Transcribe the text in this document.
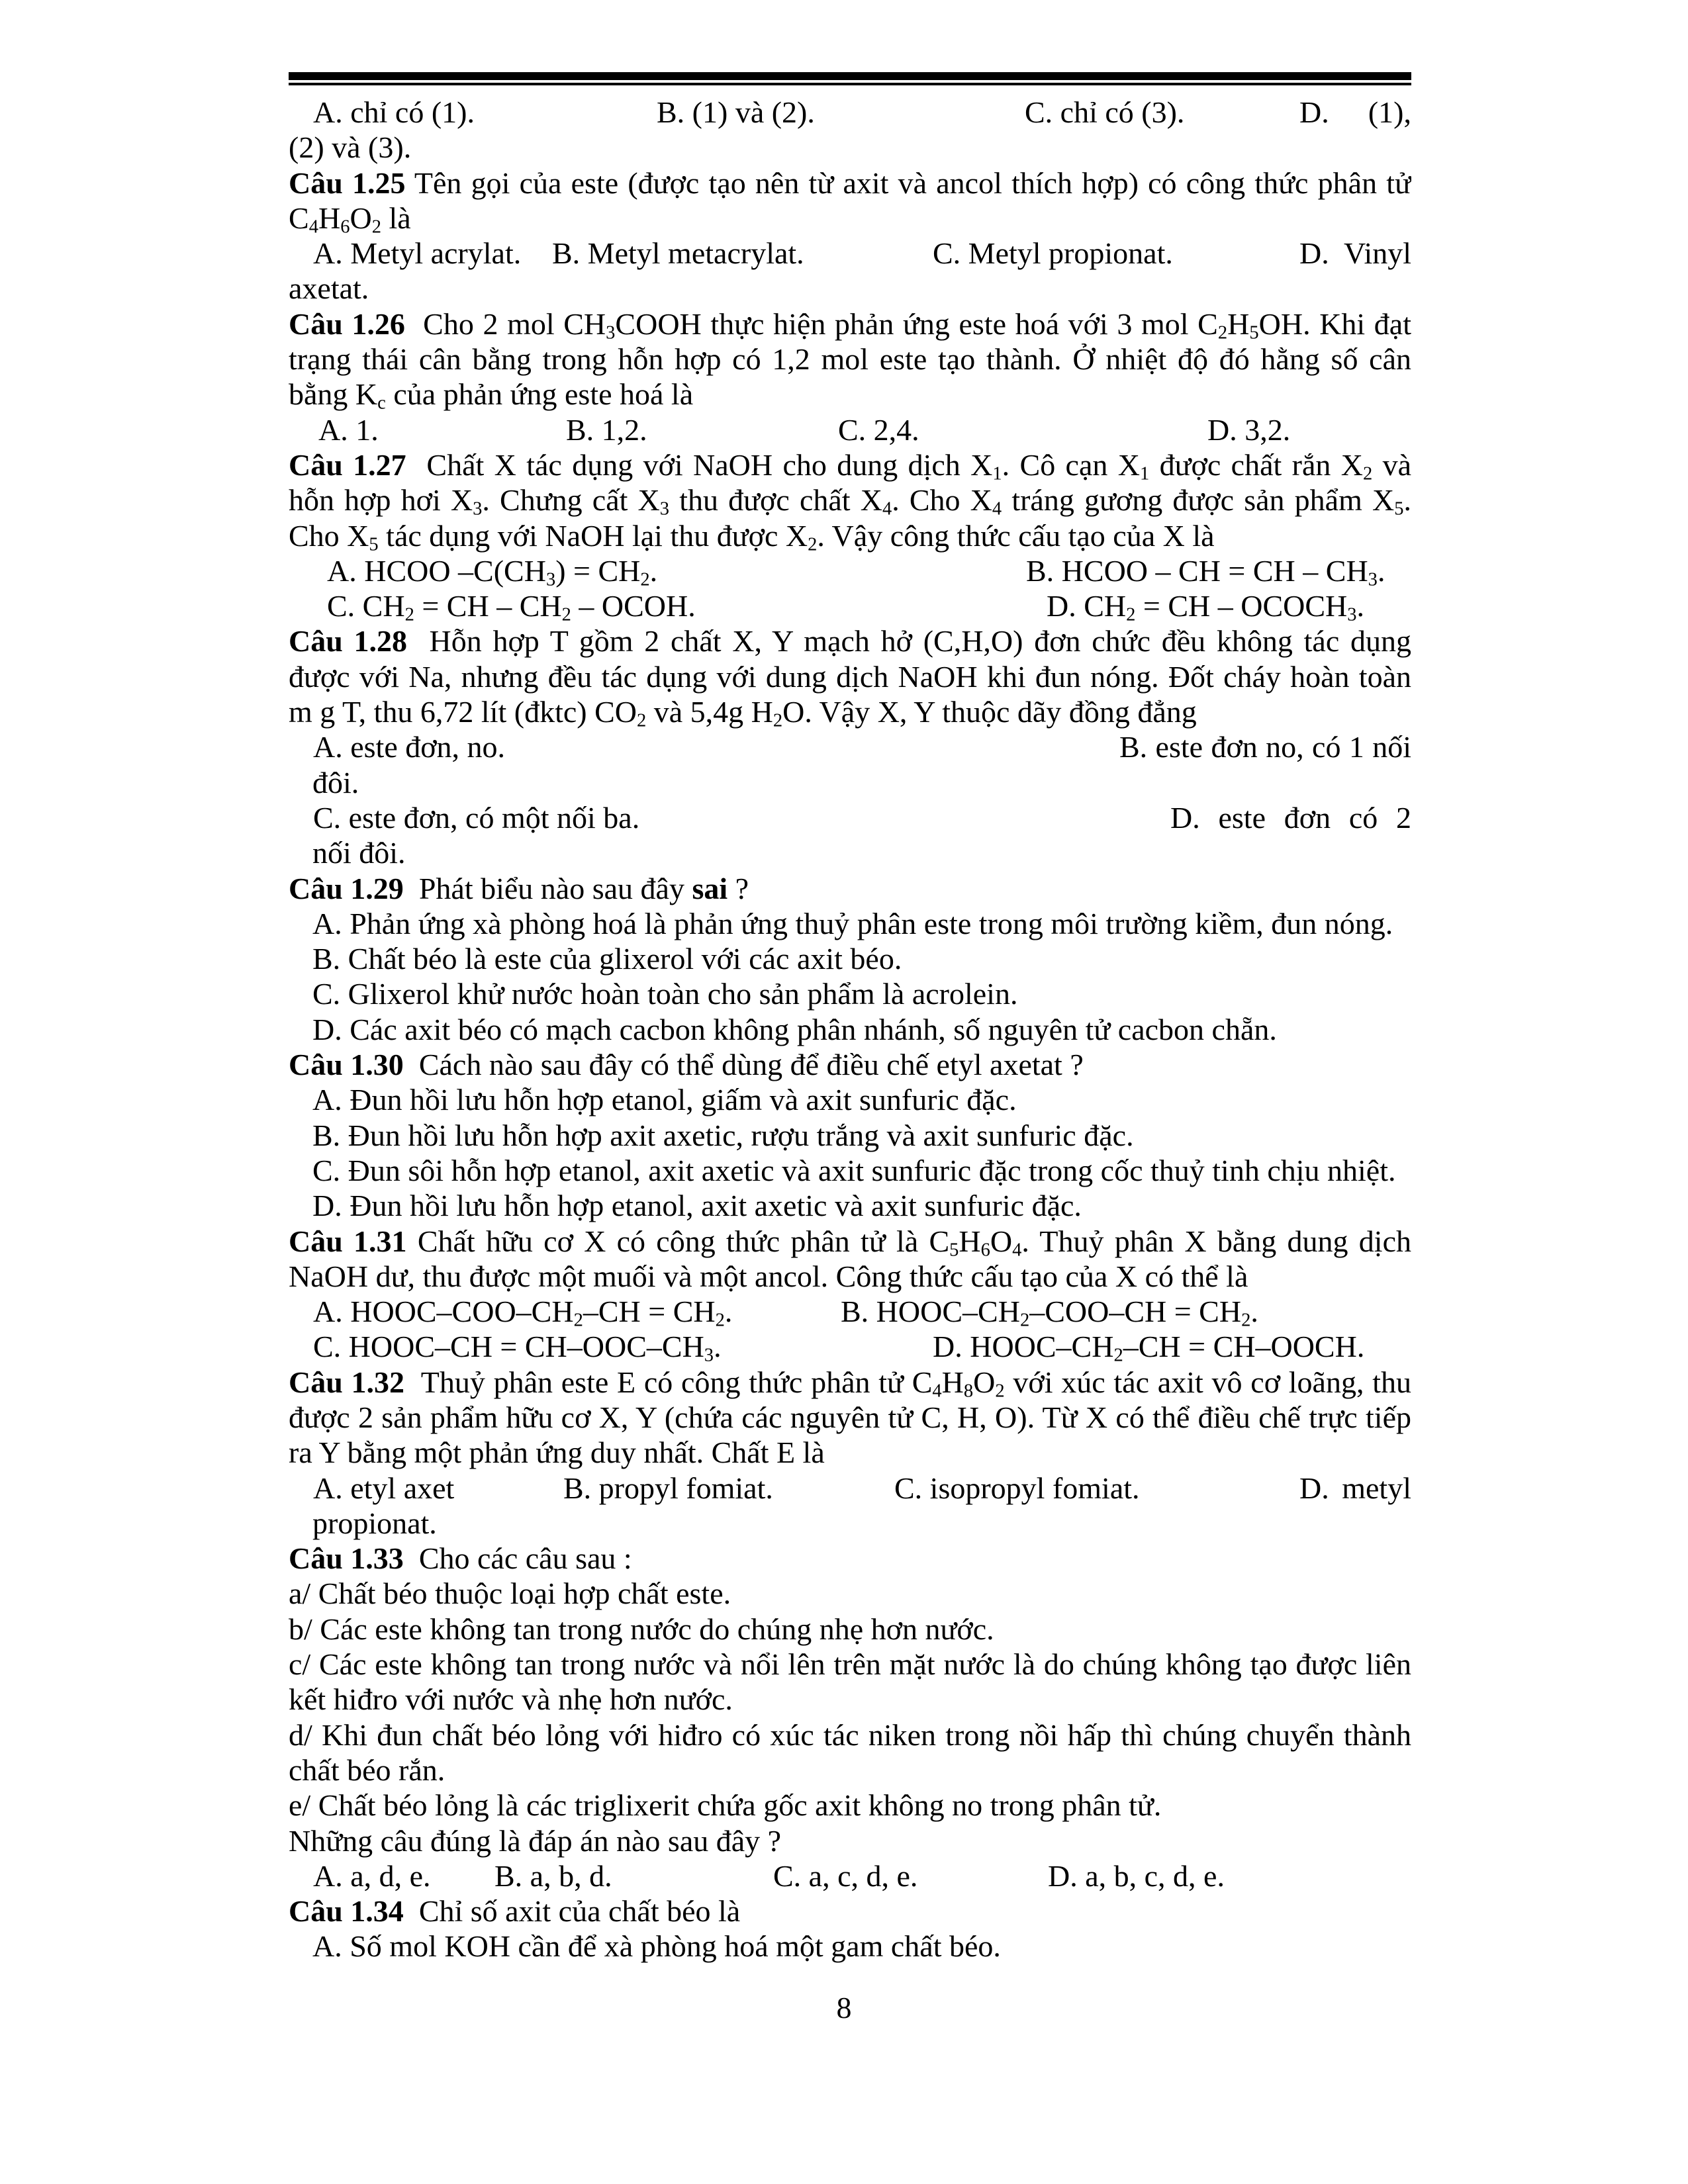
A. chỉ có (1).	B. (1) và (2).	C. chỉ có (3).	D. (1),
(2) và (3).
Câu 1.25 Tên gọi của este (được tạo nên từ axit và ancol thích hợp) có công thức phân tử
$C_4H_6O_2$ là
A. Metyl acrylat. B. Metyl metacrylat.	C. Metyl propionat.	D. Vinyl
axetat.
Câu 1.26 Cho 2 mol $CH_3COOH$ thực hiện phản ứng este hoá với 3 mol $C_2H_5OH$. Khi đạt
trạng thái cân bằng trong hỗn hợp có 1,2 mol este tạo thành. Ở nhiệt độ đó hằng số cân
bằng $K_c$ của phản ứng este hoá là
A. 1.	B. 1,2.	C. 2,4.	D. 3,2.
Câu 1.27 Chất X tác dụng với NaOH cho dung dịch $X_1$. Cô cạn $X_1$ được chất rắn $X_2$ và
hỗn hợp hơi $X_3$. Chưng cất $X_3$ thu được chất $X_4$. Cho $X_4$ tráng gương được sản phẩm $X_5$.
Cho $X_5$ tác dụng với NaOH lại thu được $X_2$. Vậy công thức cấu tạo của X là
A. HCOO $-C(CH_3) = CH_2$.	B. HCOO – CH = CH – $CH_3$.
C. $CH_2$ = CH – $CH_2$ – OCOH.	D. $CH_2$ = CH – $OCOCH_3$.
Câu 1.28 Hỗn hợp T gồm 2 chất X, Y mạch hở (C,H,O) đơn chức đều không tác dụng
được với Na, nhưng đều tác dụng với dung dịch NaOH khi đun nóng. Đốt cháy hoàn toàn
m g T, thu 6,72 lít (đktc) $CO_2$ và 5,4g $H_2O$. Vậy X, Y thuộc dãy đồng đẳng
A. este đơn, no.	B. este đơn no, có 1 nối
đôi.
C. este đơn, có một nối ba.	D. este đơn có 2
nối đôi.
Câu 1.29 Phát biểu nào sau đây sai ?
A. Phản ứng xà phòng hoá là phản ứng thuỷ phân este trong môi trường kiềm, đun nóng.
B. Chất béo là este của glixerol với các axit béo.
C. Glixerol khử nước hoàn toàn cho sản phẩm là acrolein.
D. Các axit béo có mạch cacbon không phân nhánh, số nguyên tử cacbon chẵn.
Câu 1.30 Cách nào sau đây có thể dùng để điều chế etyl axetat ?
A. Đun hồi lưu hỗn hợp etanol, giấm và axit sunfuric đặc.
B. Đun hồi lưu hỗn hợp axit axetic, rượu trắng và axit sunfuric đặc.
C. Đun sôi hỗn hợp etanol, axit axetic và axit sunfuric đặc trong cốc thuỷ tinh chịu nhiệt.
D. Đun hồi lưu hỗn hợp etanol, axit axetic và axit sunfuric đặc.
Câu 1.31 Chất hữu cơ X có công thức phân tử là $C_5H_6O_4$. Thuỷ phân X bằng dung dịch
NaOH dư, thu được một muối và một ancol. Công thức cấu tạo của X có thể là
A. HOOC–$COO-CH_2-CH = CH_2$.	B. HOOC–$CH_2-COO-CH = CH_2$.
C. HOOC–CH = $CH-OOC-CH_3$.	D. HOOC–$CH_2-CH$ = CH–OOCH.
Câu 1.32 Thuỷ phân este E có công thức phân tử $C_4H_8O_2$ với xúc tác axit vô cơ loãng, thu
được 2 sản phẩm hữu cơ X, Y (chứa các nguyên tử C, H, O). Từ X có thể điều chế trực tiếp
ra Y bằng một phản ứng duy nhất. Chất E là
A. etyl axet	B. propyl fomiat.	C. isopropyl fomiat.	D. metyl
propionat.
Câu 1.33 Cho các câu sau :
a/ Chất béo thuộc loại hợp chất este.
b/ Các este không tan trong nước do chúng nhẹ hơn nước.
c/ Các este không tan trong nước và nổi lên trên mặt nước là do chúng không tạo được liên
kết hiđro với nước và nhẹ hơn nước.
d/ Khi đun chất béo lỏng với hiđro có xúc tác niken trong nồi hấp thì chúng chuyển thành
chất béo rắn.
e/ Chất béo lỏng là các triglixerit chứa gốc axit không no trong phân tử.
Những câu đúng là đáp án nào sau đây ?
A. a, d, e. B. a, b, d.	C. a, c, d, e.	D. a, b, c, d, e.
Câu 1.34 Chỉ số axit của chất béo là
A. Số mol KOH cần để xà phòng hoá một gam chất béo.
8
